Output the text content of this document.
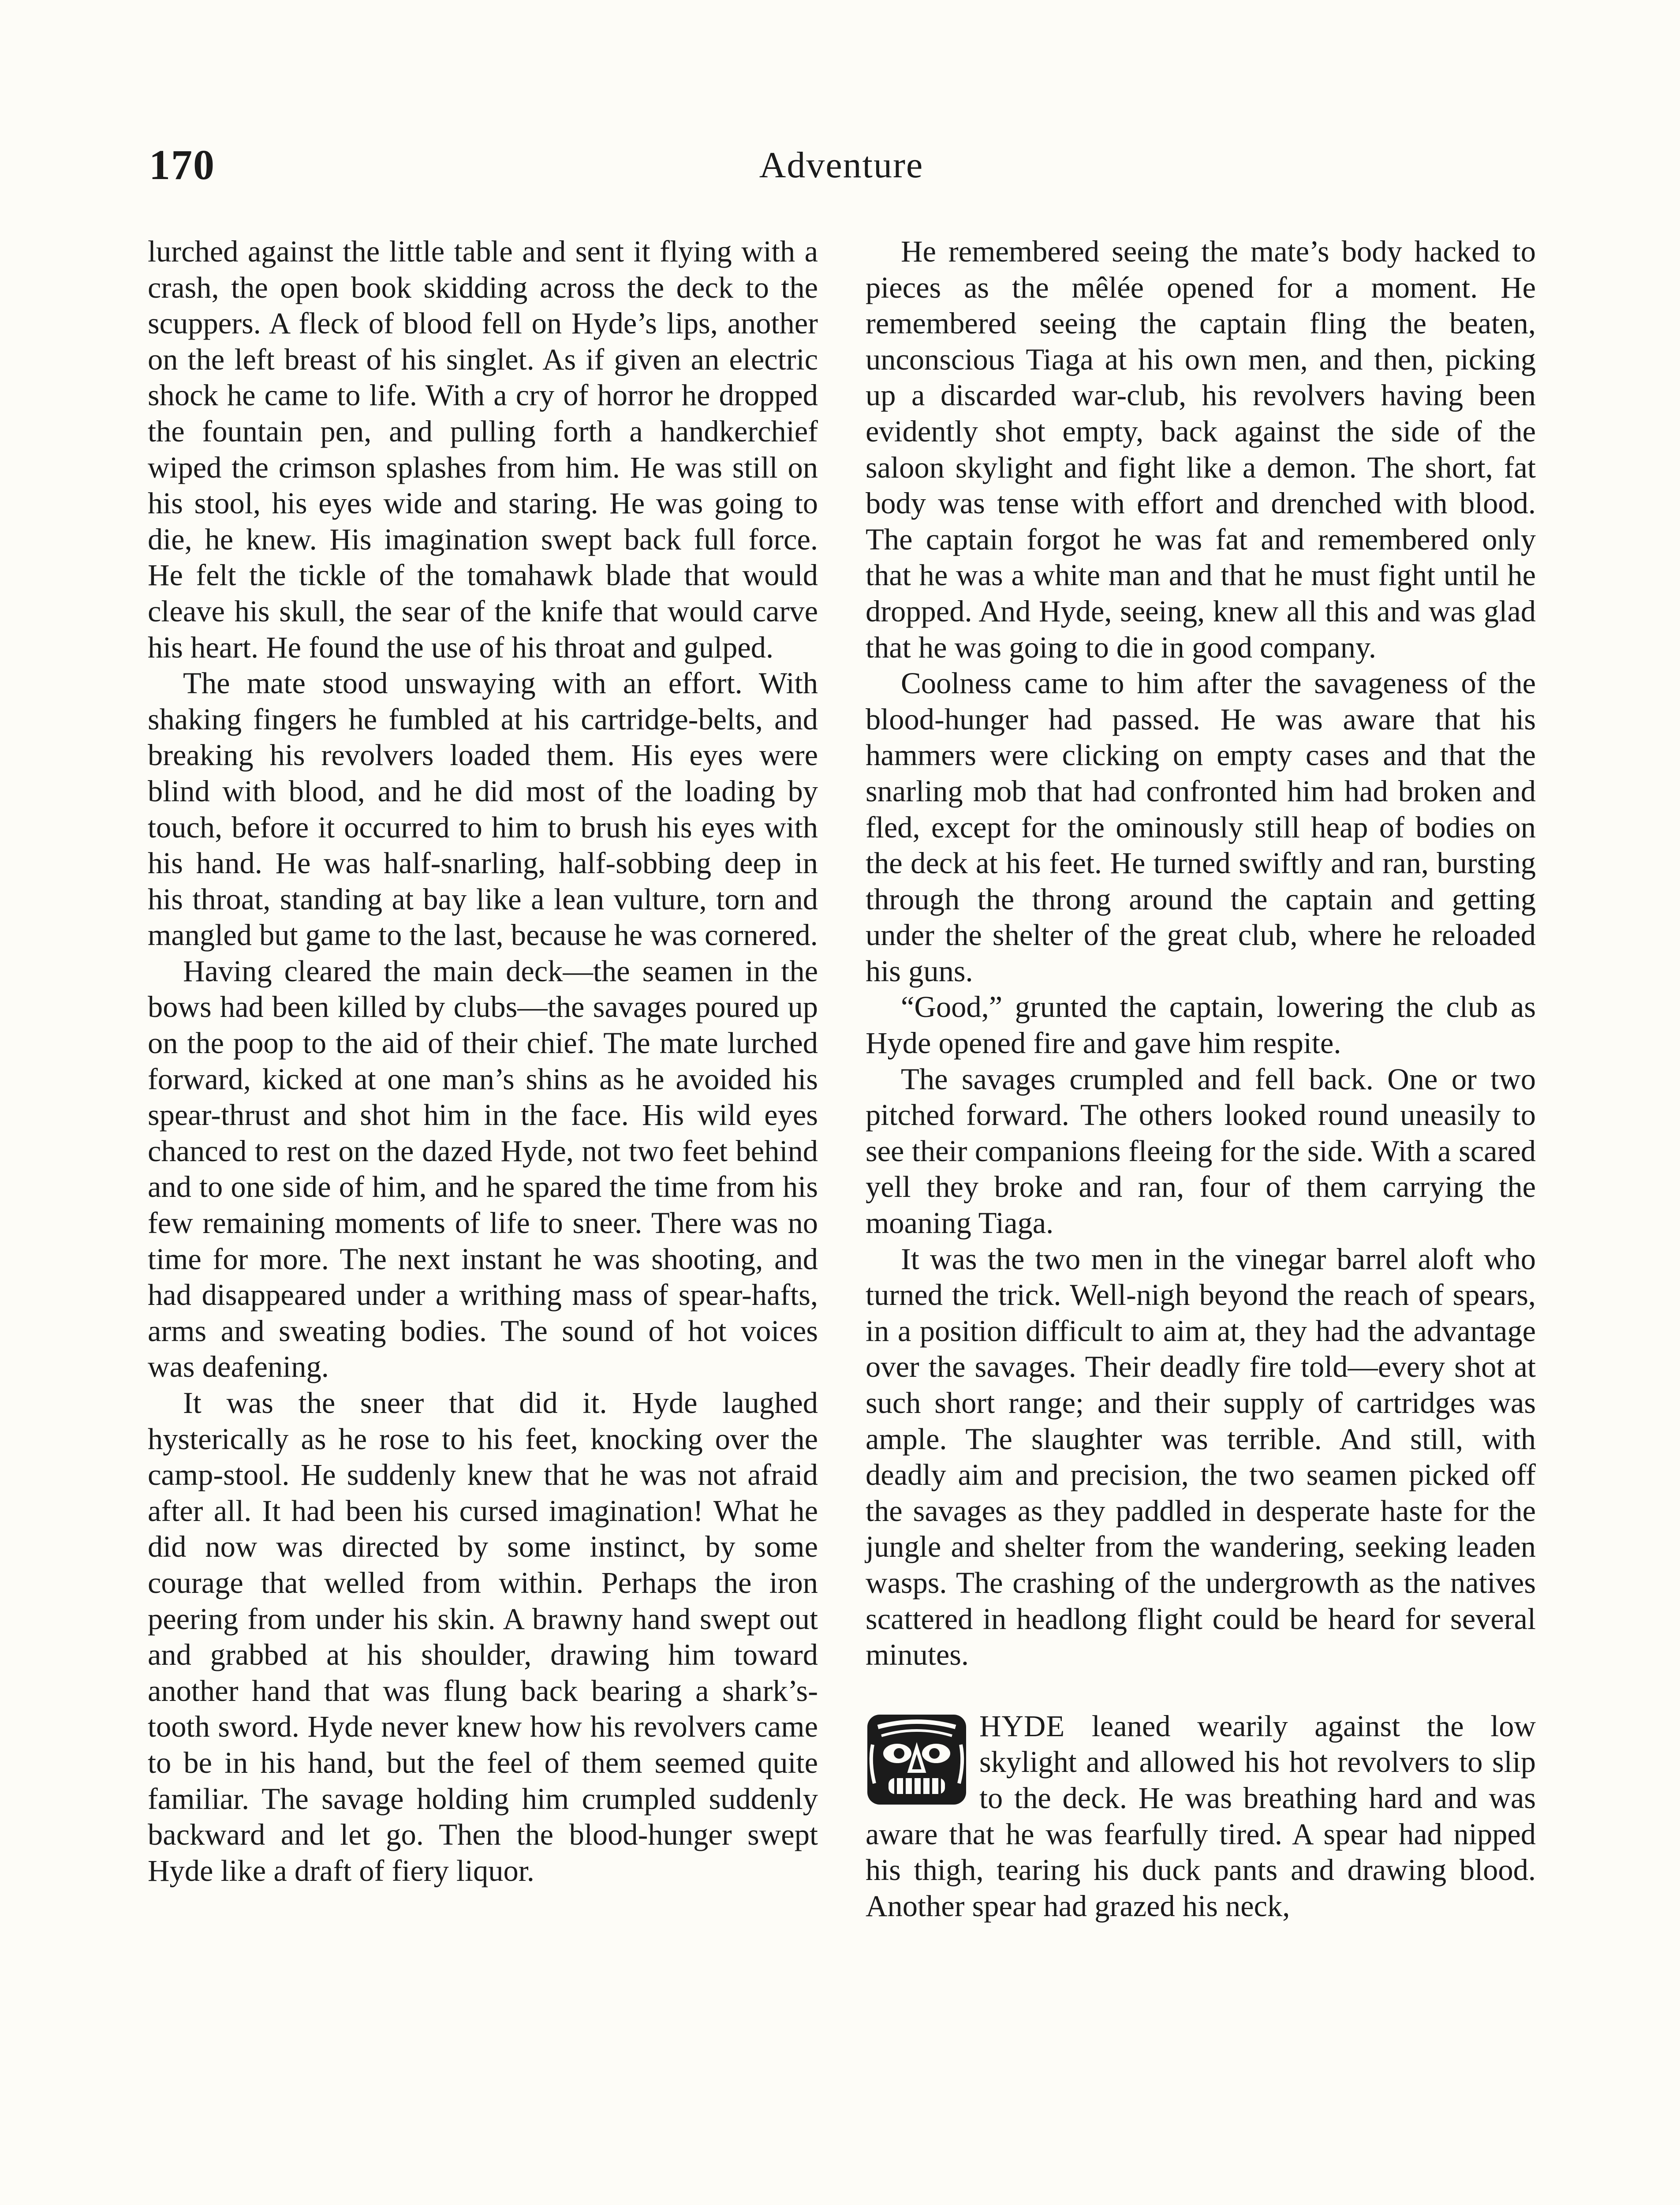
170	Adventure

lurched against the little table and sent it flying with a crash, the open book skidding across the deck to the scuppers. A fleck of blood fell on Hyde’s lips, another on the left breast of his singlet. As if given an electric shock he came to life. With a cry of horror he dropped the fountain pen, and pulling forth a handkerchief wiped the crimson splashes from him. He was still on his stool, his eyes wide and staring. He was going to die, he knew. His imagination swept back full force. He felt the tickle of the tomahawk blade that would cleave his skull, the sear of the knife that would carve his heart. He found the use of his throat and gulped.

The mate stood unswaying with an effort. With shaking fingers he fumbled at his cartridge-belts, and breaking his revolvers loaded them. His eyes were blind with blood, and he did most of the loading by touch, before it occurred to him to brush his eyes with his hand. He was half-snarling, half-sobbing deep in his throat, standing at bay like a lean vulture, torn and mangled but game to the last, because he was cornered.

Having cleared the main deck—the seamen in the bows had been killed by clubs—the savages poured up on the poop to the aid of their chief. The mate lurched forward, kicked at one man’s shins as he avoided his spear-thrust and shot him in the face. His wild eyes chanced to rest on the dazed Hyde, not two feet behind and to one side of him, and he spared the time from his few remaining moments of life to sneer. There was no time for more. The next instant he was shooting, and had disappeared under a writhing mass of spear-hafts, arms and sweating bodies. The sound of hot voices was deafening.

It was the sneer that did it. Hyde laughed hysterically as he rose to his feet, knocking over the camp-stool. He suddenly knew that he was not afraid after all. It had been his cursed imagination! What he did now was directed by some instinct, by some courage that welled from within. Perhaps the iron peering from under his skin. A brawny hand swept out and grabbed at his shoulder, drawing him toward another hand that was flung back bearing a shark’s-tooth sword. Hyde never knew how his revolvers came to be in his hand, but the feel of them seemed quite familiar. The savage holding him crumpled suddenly backward and let go. Then the blood-hunger swept Hyde like a draft of fiery liquor.

He remembered seeing the mate’s body hacked to pieces as the mêlée opened for a moment. He remembered seeing the captain fling the beaten, unconscious Tiaga at his own men, and then, picking up a discarded war-club, his revolvers having been evidently shot empty, back against the side of the saloon skylight and fight like a demon. The short, fat body was tense with effort and drenched with blood. The captain forgot he was fat and remembered only that he was a white man and that he must fight until he dropped. And Hyde, seeing, knew all this and was glad that he was going to die in good company.

Coolness came to him after the savageness of the blood-hunger had passed. He was aware that his hammers were clicking on empty cases and that the snarling mob that had confronted him had broken and fled, except for the ominously still heap of bodies on the deck at his feet. He turned swiftly and ran, bursting through the throng around the captain and getting under the shelter of the great club, where he reloaded his guns.

“Good,” grunted the captain, lowering the club as Hyde opened fire and gave him respite.

The savages crumpled and fell back. One or two pitched forward. The others looked round uneasily to see their companions fleeing for the side. With a scared yell they broke and ran, four of them carrying the moaning Tiaga.

It was the two men in the vinegar barrel aloft who turned the trick. Well-nigh beyond the reach of spears, in a position difficult to aim at, they had the advantage over the savages. Their deadly fire told—every shot at such short range; and their supply of cartridges was ample. The slaughter was terrible. And still, with deadly aim and precision, the two seamen picked off the savages as they paddled in desperate haste for the jungle and shelter from the wandering, seeking leaden wasps. The crashing of the undergrowth as the natives scattered in headlong flight could be heard for several minutes.

HYDE leaned wearily against the low skylight and allowed his hot revolvers to slip to the deck. He was breathing hard and was aware that he was fearfully tired. A spear had nipped his thigh, tearing his duck pants and drawing blood. Another spear had grazed his neck,
